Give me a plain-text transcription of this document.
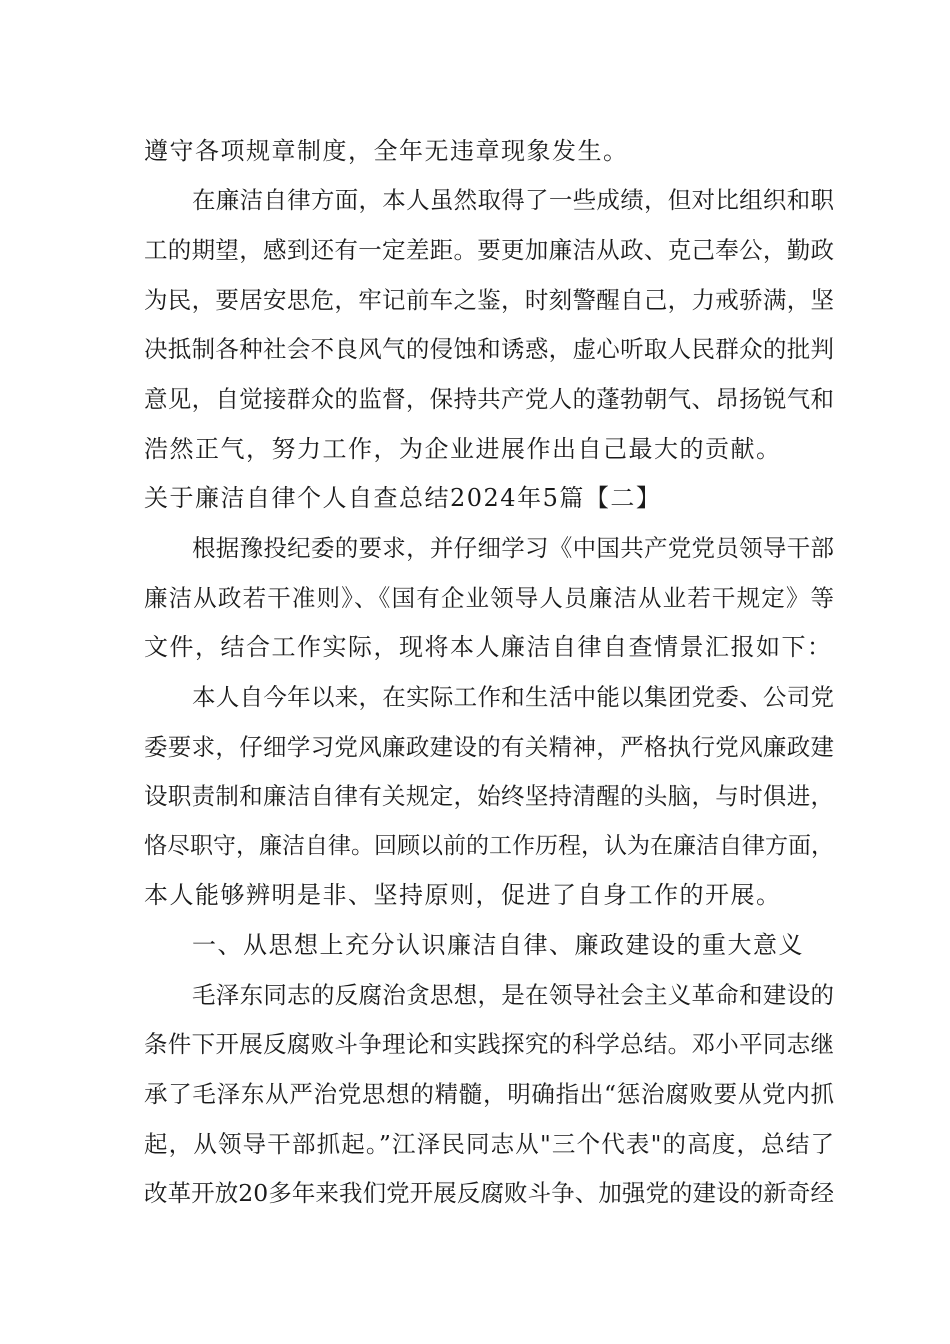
遵守各项规章制度，全年无违章现象发生。
在廉洁自律方面，本人虽然取得了一些成绩，但对比组织和职
工的期望，感到还有一定差距。要更加廉洁从政、克己奉公，勤政
为民，要居安思危，牢记前车之鉴，时刻警醒自己，力戒骄满，坚
决抵制各种社会不良风气的侵蚀和诱惑，虚心听取人民群众的批判
意见，自觉接群众的监督，保持共产党人的蓬勃朝气、昂扬锐气和
浩然正气，努力工作，为企业进展作出自己最大的贡献。
关于廉洁自律个人自查总结2024年5篇【二】
根据豫投纪委的要求，并仔细学习《中国共产党党员领导干部
廉洁从政若干准则》、《国有企业领导人员廉洁从业若干规定》等
文件，结合工作实际，现将本人廉洁自律自查情景汇报如下：
本人自今年以来，在实际工作和生活中能以集团党委、公司党
委要求，仔细学习党风廉政建设的有关精神，严格执行党风廉政建
设职责制和廉洁自律有关规定，始终坚持清醒的头脑，与时俱进，
恪尽职守，廉洁自律。回顾以前的工作历程，认为在廉洁自律方面，
本人能够辨明是非、坚持原则，促进了自身工作的开展。
一、从思想上充分认识廉洁自律、廉政建设的重大意义
毛泽东同志的反腐治贪思想，是在领导社会主义革命和建设的
条件下开展反腐败斗争理论和实践探究的科学总结。邓小平同志继
承了毛泽东从严治党思想的精髓，明确指出“惩治腐败要从党内抓
起，从领导干部抓起。”江泽民同志从"三个代表"的高度，总结了
改革开放20多年来我们党开展反腐败斗争、加强党的建设的新奇经
